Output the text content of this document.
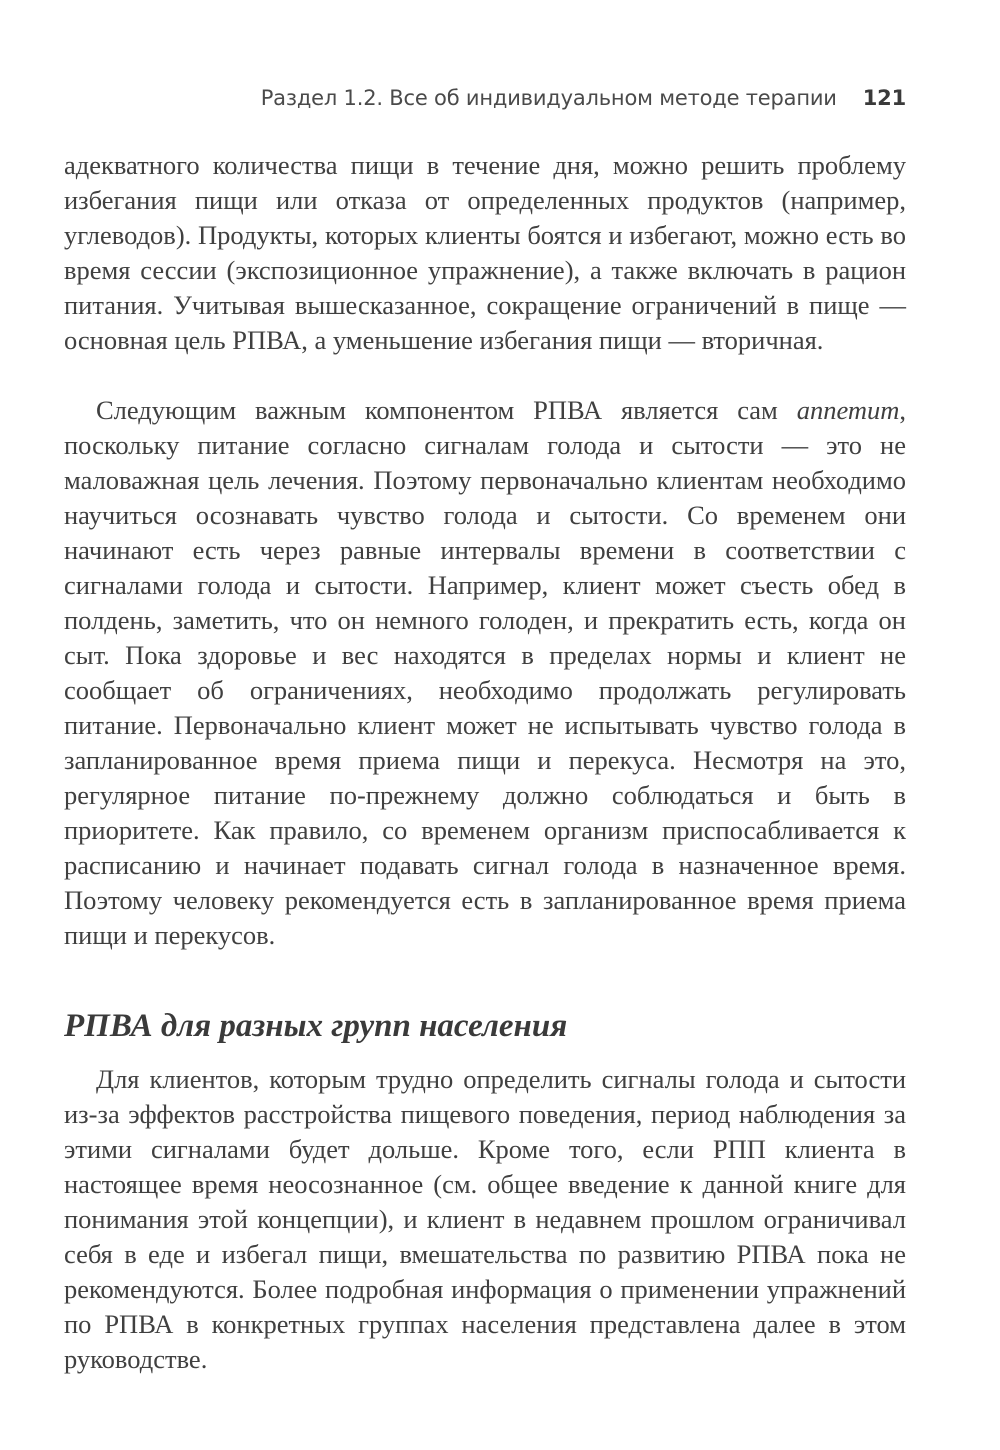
Раздел 1.2. Все об индивидуальном методе терапии 121

адекватного количества пищи в течение дня, можно решить проблему избегания пищи или отказа от определенных продуктов (например, углеводов). Продукты, которых клиенты боятся и избегают, можно есть во время сессии (экспозиционное упражнение), а также включать в рацион питания. Учитывая вышесказанное, сокращение ограничений в пище — основная цель РПВА, а уменьшение избегания пищи — вторичная.

Следующим важным компонентом РПВА является сам аппетит, поскольку питание согласно сигналам голода и сытости — это не маловажная цель лечения. Поэтому первоначально клиентам необходимо научиться осознавать чувство голода и сытости. Со временем они начинают есть через равные интервалы времени в соответствии с сигналами голода и сытости. Например, клиент может съесть обед в полдень, заметить, что он немного голоден, и прекратить есть, когда он сыт. Пока здоровье и вес находятся в пределах нормы и клиент не сообщает об ограничениях, необходимо продолжать регулировать питание. Первоначально клиент может не испытывать чувство голода в запланированное время приема пищи и перекуса. Несмотря на это, регулярное питание по-прежнему должно соблюдаться и быть в приоритете. Как правило, со временем организм приспосабливается к расписанию и начинает подавать сигнал голода в назначенное время. Поэтому человеку рекомендуется есть в запланированное время приема пищи и перекусов.

РПВА для разных групп населения

Для клиентов, которым трудно определить сигналы голода и сытости из-за эффектов расстройства пищевого поведения, период наблюдения за этими сигналами будет дольше. Кроме того, если РПП клиента в настоящее время неосознанное (см. общее введение к данной книге для понимания этой концепции), и клиент в недавнем прошлом ограничивал себя в еде и избегал пищи, вмешательства по развитию РПВА пока не рекомендуются. Более подробная информация о применении упражнений по РПВА в конкретных группах населения представлена далее в этом руководстве.
